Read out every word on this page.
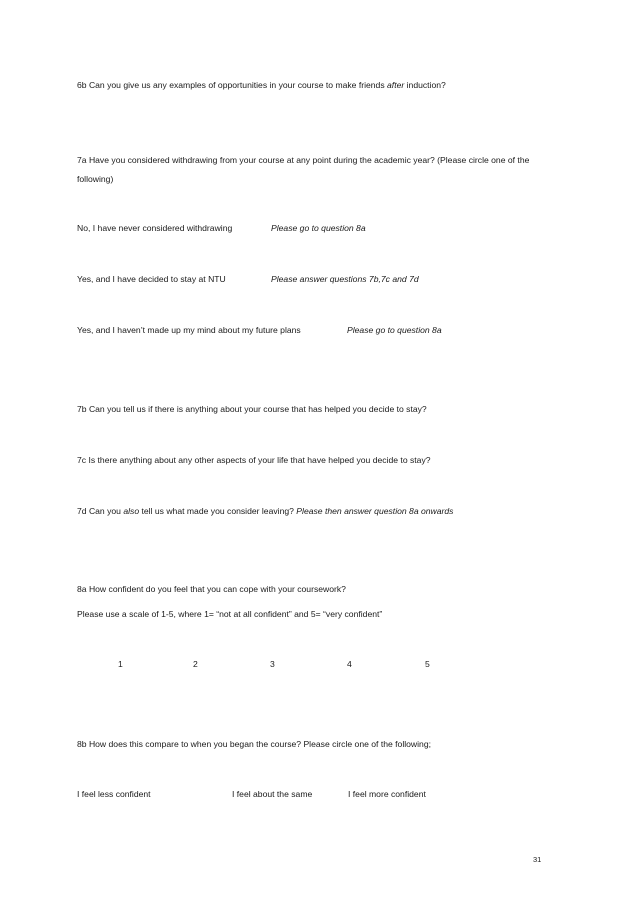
6b Can you give us any examples of opportunities in your course to make friends after induction?
7a Have you considered withdrawing from your course at any point during the academic year? (Please circle one of the following)
No, I have never considered withdrawing	Please go to question 8a
Yes, and I have decided to stay at NTU	Please answer questions 7b,7c and 7d
Yes, and I haven’t made up my mind about my future plans	Please go to question 8a
7b Can you tell us if there is anything about your course that has helped you decide to stay?
7c Is there anything about any other aspects of your life that have helped you decide to stay?
7d Can you also tell us what made you consider leaving? Please then answer question 8a onwards
8a How confident do you feel that you can cope with your coursework?
Please use a scale of 1-5, where 1= “not at all confident” and 5= “very confident”
1	2	3	4	5
8b How does this compare to when you began the course? Please circle one of the following;
I feel less confident	I feel about the same	I feel more confident
31
